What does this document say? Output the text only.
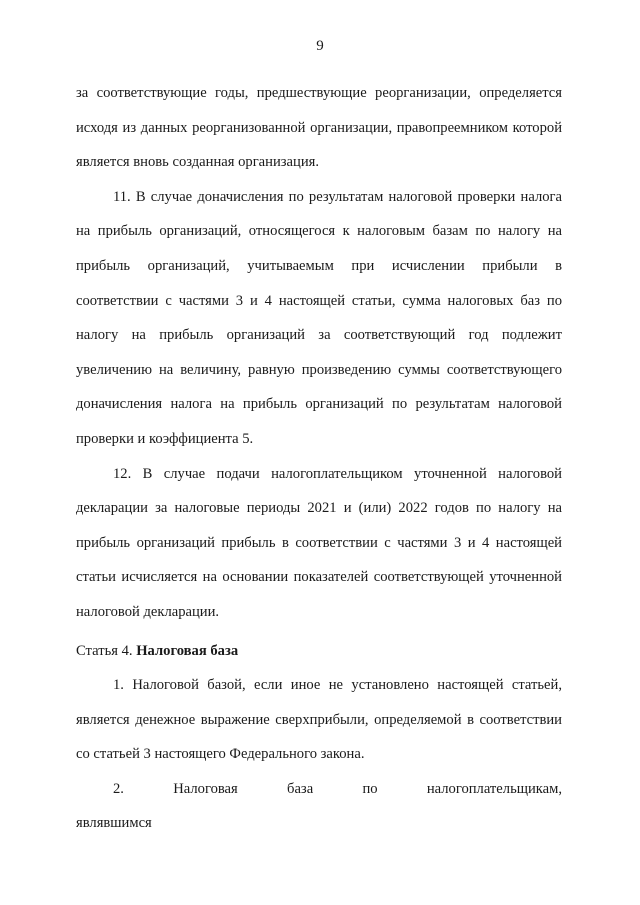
9

за соответствующие годы, предшествующие реорганизации, определяется исходя из данных реорганизованной организации, правопреемником которой является вновь созданная организация.

11. В случае доначисления по результатам налоговой проверки налога на прибыль организаций, относящегося к налоговым базам по налогу на прибыль организаций, учитываемым при исчислении прибыли в соответствии с частями 3 и 4 настоящей статьи, сумма налоговых баз по налогу на прибыль организаций за соответствующий год подлежит увеличению на величину, равную произведению суммы соответствующего доначисления налога на прибыль организаций по результатам налоговой проверки и коэффициента 5.

12. В случае подачи налогоплательщиком уточненной налоговой декларации за налоговые периоды 2021 и (или) 2022 годов по налогу на прибыль организаций прибыль в соответствии с частями 3 и 4 настоящей статьи исчисляется на основании показателей соответствующей уточненной налоговой декларации.

Статья 4. Налоговая база

1. Налоговой базой, если иное не установлено настоящей статьей, является денежное выражение сверхприбыли, определяемой в соответствии со статьей 3 настоящего Федерального закона.

2. Налоговая база по налогоплательщикам, являвшимся
